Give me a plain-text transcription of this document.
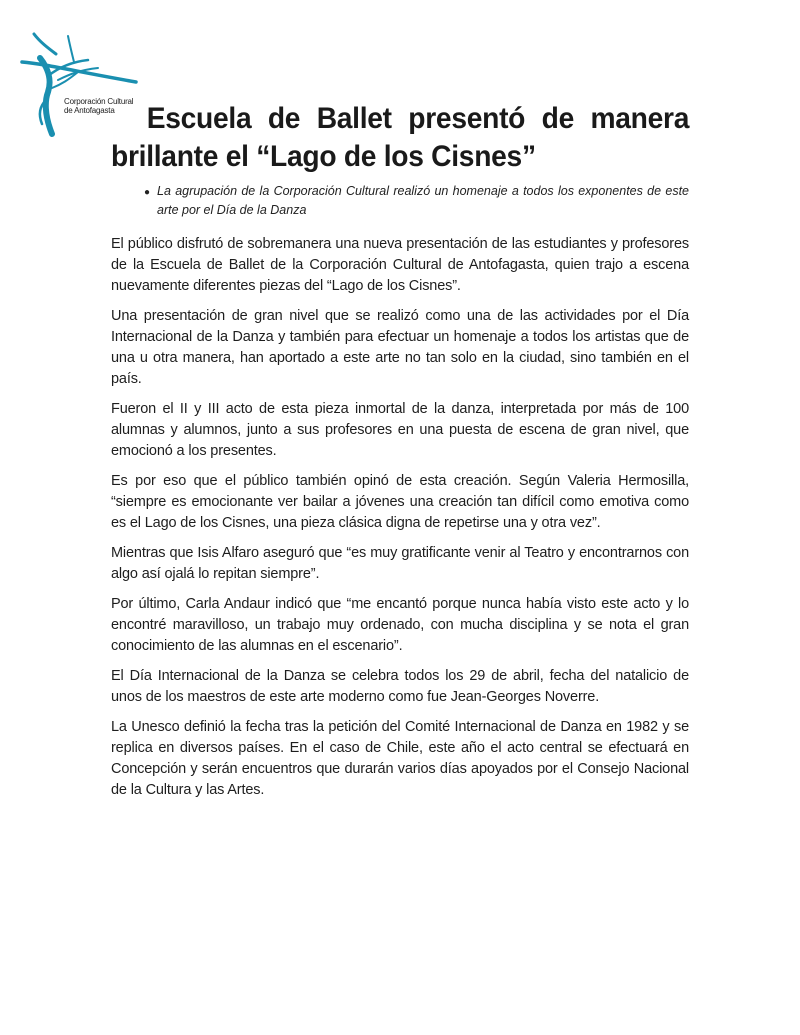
Corporación Cultural
de Antofagasta	Escuela de Ballet presentó de manera brillante el “Lago de los Cisnes”
● La agrupación de la Corporación Cultural realizó un homenaje a todos los exponentes de este arte por el Día de la Danza

El público disfrutó de sobremanera una nueva presentación de las estudiantes y profesores de la Escuela de Ballet de la Corporación Cultural de Antofagasta, quien trajo a escena nuevamente diferentes piezas del “Lago de los Cisnes”.

Una presentación de gran nivel que se realizó como una de las actividades por el Día Internacional de la Danza y también para efectuar un homenaje a todos los artistas que de una u otra manera, han aportado a este arte no tan solo en la ciudad, sino también en el país.

Fueron el II y III acto de esta pieza inmortal de la danza, interpretada por más de 100 alumnas y alumnos, junto a sus profesores en una puesta de escena de gran nivel, que emocionó a los presentes.

Es por eso que el público también opinó de esta creación. Según Valeria Hermosilla, “siempre es emocionante ver bailar a jóvenes una creación tan difícil como emotiva como es el Lago de los Cisnes, una pieza clásica digna de repetirse una y otra vez”.

Mientras que Isis Alfaro aseguró que “es muy gratificante venir al Teatro y encontrarnos con algo así ojalá lo repitan siempre”.

Por último, Carla Andaur indicó que “me encantó porque nunca había visto este acto y lo encontré maravilloso, un trabajo muy ordenado, con mucha disciplina y se nota el gran conocimiento de las alumnas en el escenario”.

El Día Internacional de la Danza se celebra todos los 29 de abril, fecha del natalicio de unos de los maestros de este arte moderno como fue Jean-Georges Noverre.

La Unesco definió la fecha tras la petición del Comité Internacional de Danza en 1982 y se replica en diversos países. En el caso de Chile, este año el acto central se efectuará en Concepción y serán encuentros que durarán varios días apoyados por el Consejo Nacional de la Cultura y las Artes.
